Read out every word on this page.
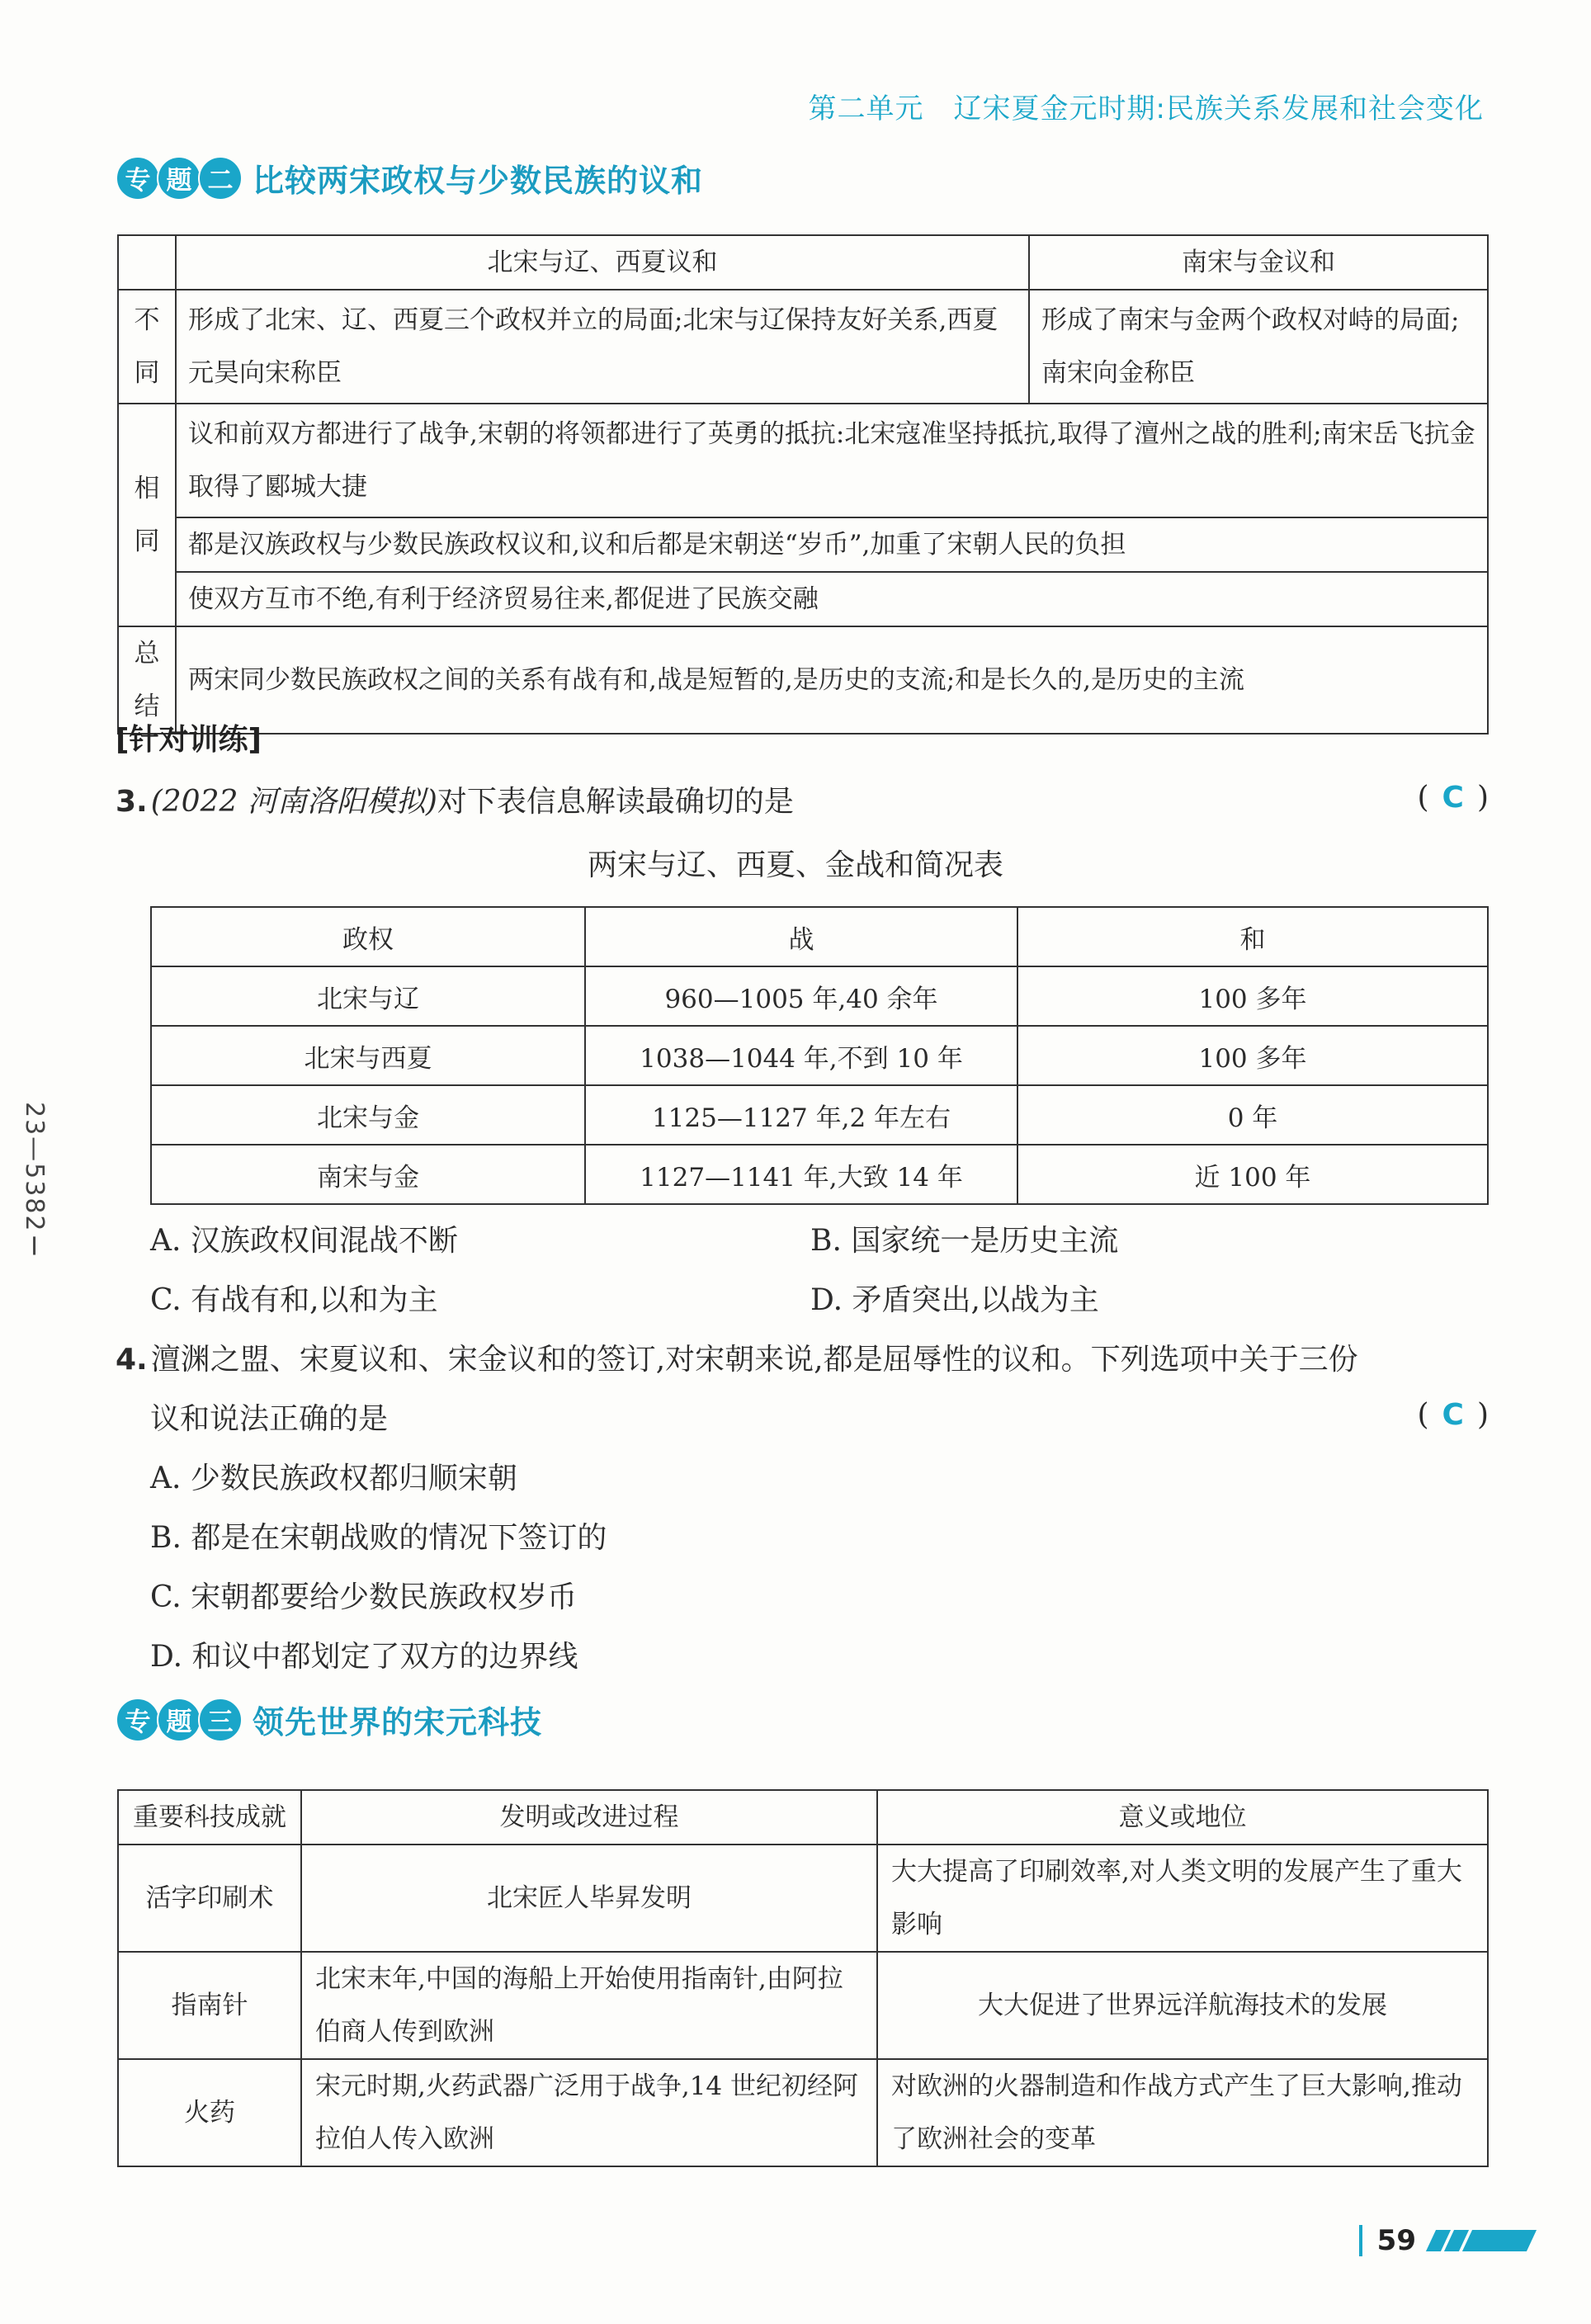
第二单元 辽宋夏金元时期:民族关系发展和社会变化
专 题 二 比较两宋政权与少数民族的议和
	北宋与辽、西夏议和	南宋与金议和
不同	形成了北宋、辽、西夏三个政权并立的局面;北宋与辽保持友好关系,西夏元昊向宋称臣	形成了南宋与金两个政权对峙的局面;南宋向金称臣
相同	议和前双方都进行了战争,宋朝的将领都进行了英勇的抵抗:北宋寇准坚持抵抗,取得了澶州之战的胜利;南宋岳飞抗金取得了郾城大捷	
	都是汉族政权与少数民族政权议和,议和后都是宋朝送“岁币”,加重了宋朝人民的负担	
	使双方互市不绝,有利于经济贸易往来,都促进了民族交融	
总结	两宋同少数民族政权之间的关系有战有和,战是短暂的,是历史的支流;和是长久的,是历史的主流	
[针对训练]
3. (2022 河南洛阳模拟)对下表信息解读最确切的是	( C )
两宋与辽、西夏、金战和简况表
政权	战	和
北宋与辽	960—1005 年,40 余年	100 多年
北宋与西夏	1038—1044 年,不到 10 年	100 多年
北宋与金	1125—1127 年,2 年左右	0 年
南宋与金	1127—1141 年,大致 14 年	近 100 年
A. 汉族政权间混战不断	B. 国家统一是历史主流
C. 有战有和,以和为主	D. 矛盾突出,以战为主
4. 澶渊之盟、宋夏议和、宋金议和的签订,对宋朝来说,都是屈辱性的议和。下列选项中关于三份
议和说法正确的是	( C )
A. 少数民族政权都归顺宋朝
B. 都是在宋朝战败的情况下签订的
C. 宋朝都要给少数民族政权岁币
D. 和议中都划定了双方的边界线
专 题 三 领先世界的宋元科技
重要科技成就	发明或改进过程	意义或地位
活字印刷术	北宋匠人毕昇发明	大大提高了印刷效率,对人类文明的发展产生了重大影响
指南针	北宋末年,中国的海船上开始使用指南针,由阿拉伯商人传到欧洲	大大促进了世界远洋航海技术的发展
火药	宋元时期,火药武器广泛用于战争,14 世纪初经阿拉伯人传入欧洲	对欧洲的火器制造和作战方式产生了巨大影响,推动了欧洲社会的变革
23—5382Ⅰ
59
